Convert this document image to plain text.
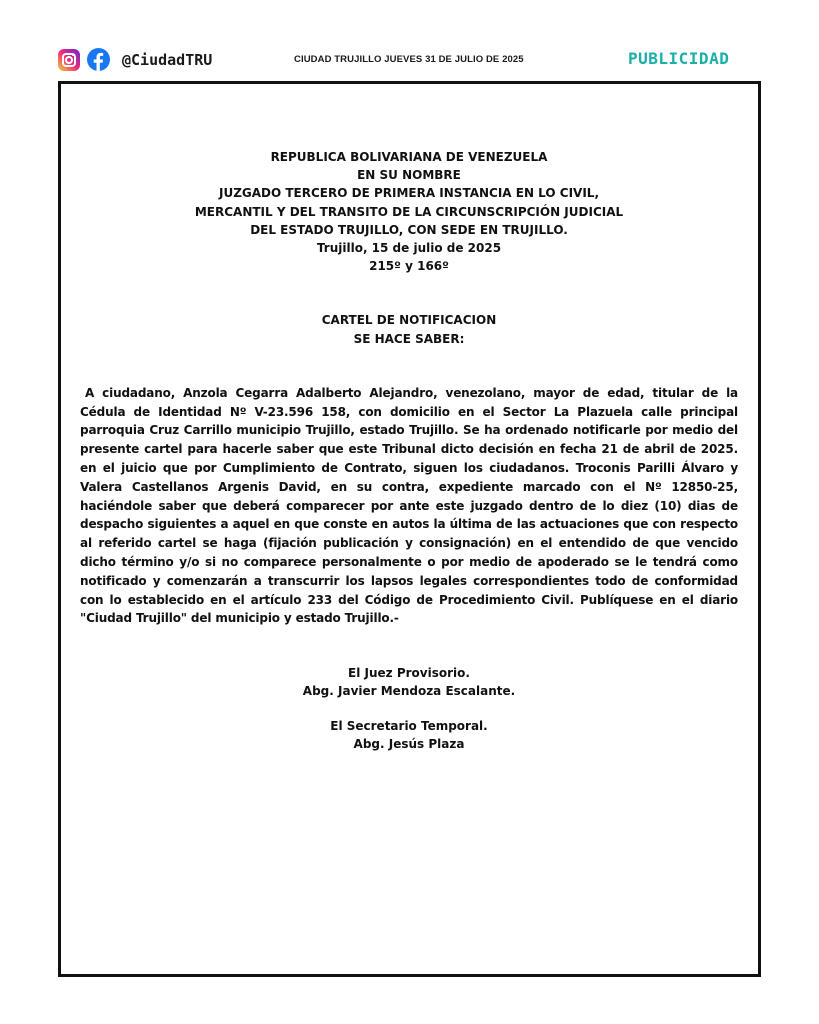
@CiudadTRU	CIUDAD TRUJILLO JUEVES 31 DE JULIO DE 2025	PUBLICIDAD
REPUBLICA BOLIVARIANA DE VENEZUELA
EN SU NOMBRE
JUZGADO TERCERO DE PRIMERA INSTANCIA EN LO CIVIL,
MERCANTIL Y DEL TRANSITO DE LA CIRCUNSCRIPCIÓN JUDICIAL
DEL ESTADO TRUJILLO, CON SEDE EN TRUJILLO.
Trujillo, 15 de julio de 2025
215º y 166º
CARTEL DE NOTIFICACION
SE HACE SABER:
A ciudadano, Anzola Cegarra Adalberto Alejandro, venezolano, mayor de edad, titular de la Cédula de Identidad Nº V-23.596 158, con domicilio en el Sector La Plazuela calle principal parroquia Cruz Carrillo municipio Trujillo, estado Trujillo. Se ha ordenado notificarle por medio del presente cartel para hacerle saber que este Tribunal dicto decisión en fecha 21 de abril de 2025. en el juicio que por Cumplimiento de Contrato, siguen los ciudadanos. Troconis Parilli Álvaro y Valera Castellanos Argenis David, en su contra, expediente marcado con el Nº 12850-25, haciéndole saber que deberá comparecer por ante este juzgado dentro de lo diez (10) dias de despacho siguientes a aquel en que conste en autos la última de las actuaciones que con respecto al referido cartel se haga (fijación publicación y consignación) en el entendido de que vencido dicho término y/o si no comparece personalmente o por medio de apoderado se le tendrá como notificado y comenzarán a transcurrir los lapsos legales correspondientes todo de conformidad con lo establecido en el artículo 233 del Código de Procedimiento Civil. Publíquese en el diario "Ciudad Trujillo" del municipio y estado Trujillo.-
El Juez Provisorio.
Abg. Javier Mendoza Escalante.
El Secretario Temporal.
Abg. Jesús Plaza
